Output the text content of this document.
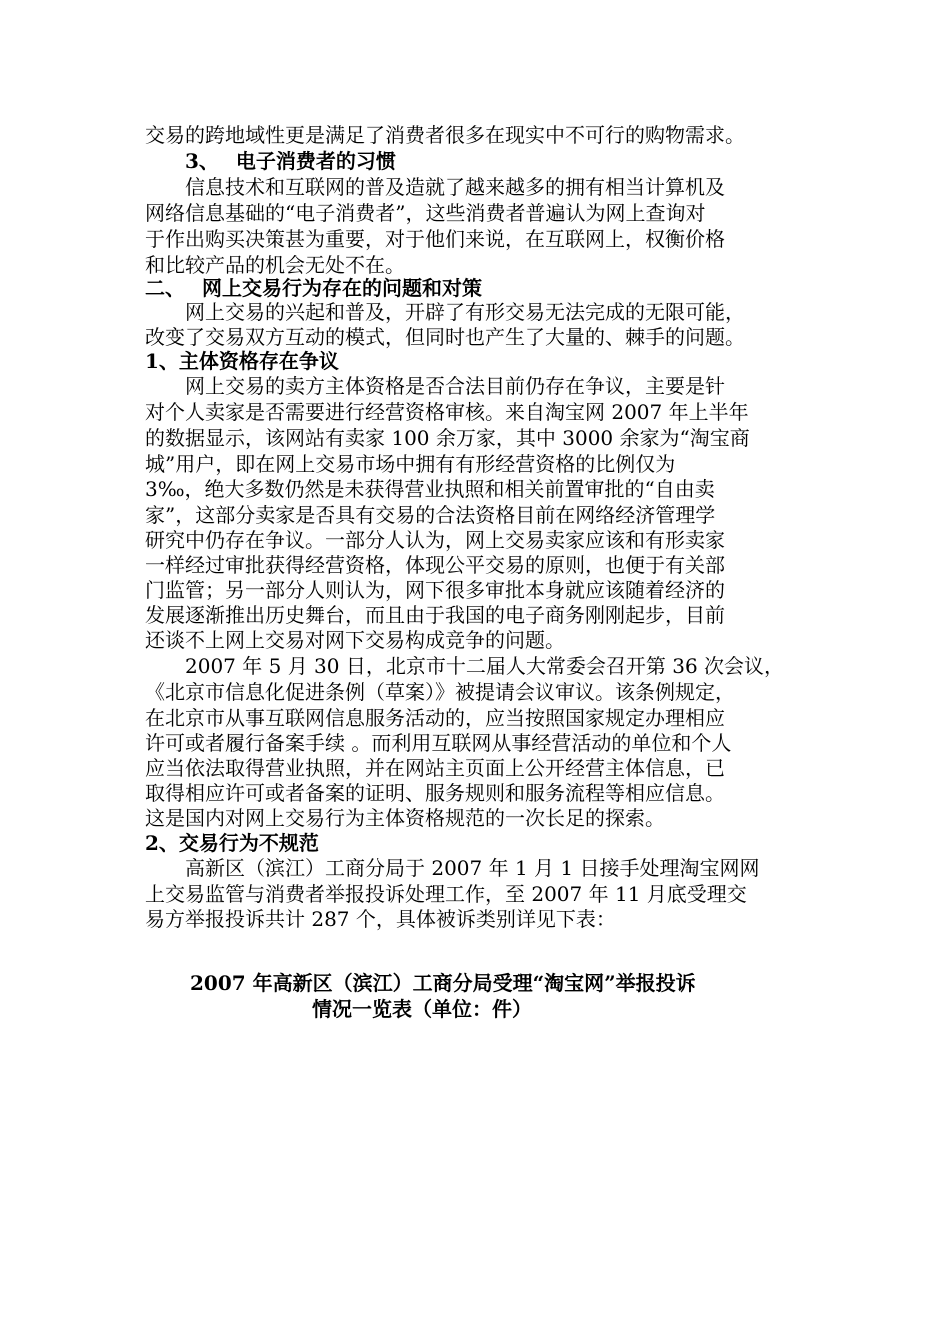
交易的跨地域性更是满足了消费者很多在现实中不可行的购物需求。
　　3、　 电子消费者的习惯
　　信息技术和互联网的普及造就了越来越多的拥有相当计算机及
网络信息基础的“电子消费者”，这些消费者普遍认为网上查询对
于作出购买决策甚为重要，对于他们来说，在互联网上，权衡价格
和比较产品的机会无处不在。
二、　 网上交易行为存在的问题和对策
　　网上交易的兴起和普及，开辟了有形交易无法完成的无限可能，
改变了交易双方互动的模式，但同时也产生了大量的、棘手的问题。
1、主体资格存在争议
　　网上交易的卖方主体资格是否合法目前仍存在争议，主要是针
对个人卖家是否需要进行经营资格审核。来自淘宝网 2007 年上半年
的数据显示，该网站有卖家 100 余万家，其中 3000 余家为“淘宝商
城”用户，即在网上交易市场中拥有有形经营资格的比例仅为
3‰，绝大多数仍然是未获得营业执照和相关前置审批的“自由卖
家”，这部分卖家是否具有交易的合法资格目前在网络经济管理学
研究中仍存在争议。一部分人认为，网上交易卖家应该和有形卖家
一样经过审批获得经营资格，体现公平交易的原则，也便于有关部
门监管；另一部分人则认为，网下很多审批本身就应该随着经济的
发展逐渐推出历史舞台，而且由于我国的电子商务刚刚起步，目前
还谈不上网上交易对网下交易构成竞争的问题。
　　2007 年 5 月 30 日，北京市十二届人大常委会召开第 36 次会议，
《北京市信息化促进条例（草案）》被提请会议审议。该条例规定，
在北京市从事互联网信息服务活动的，应当按照国家规定办理相应
许可或者履行备案手续 。而利用互联网从事经营活动的单位和个人
应当依法取得营业执照，并在网站主页面上公开经营主体信息，已
取得相应许可或者备案的证明、服务规则和服务流程等相应信息。
这是国内对网上交易行为主体资格规范的一次长足的探索。
2、交易行为不规范
　　高新区（滨江）工商分局于 2007 年 1 月 1 日接手处理淘宝网网
上交易监管与消费者举报投诉处理工作，至 2007 年 11 月底受理交
易方举报投诉共计 287 个，具体被诉类别详见下表：
2007 年高新区（滨江）工商分局受理“淘宝网”举报投诉
情况一览表（单位：件）
